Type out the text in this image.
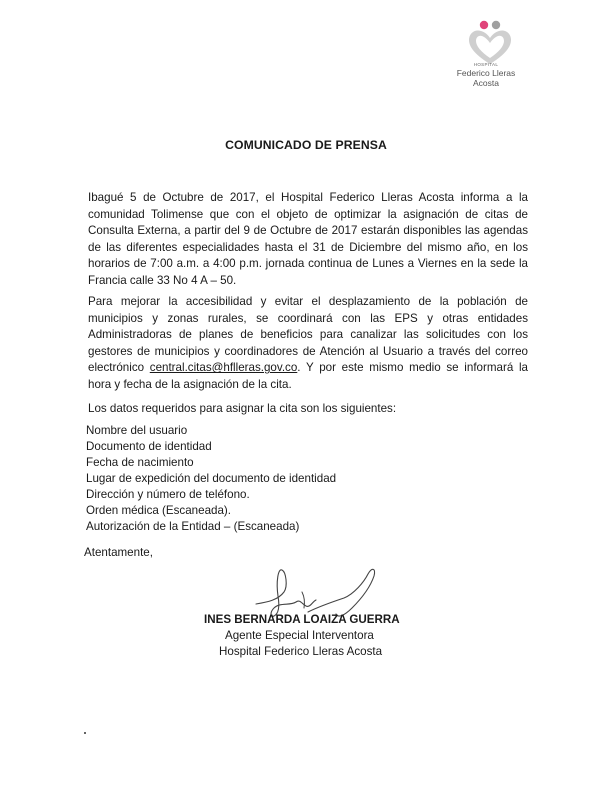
HOSPITAL
Federico Lleras Acosta
COMUNICADO DE PRENSA
Ibagué 5 de Octubre de 2017, el Hospital Federico Lleras Acosta informa a la comunidad Tolimense que con el objeto de optimizar la asignación de citas de Consulta Externa, a partir del 9 de Octubre de 2017 estarán disponibles las agendas de las diferentes especialidades hasta el 31 de Diciembre del mismo año, en los horarios de 7:00 a.m. a 4:00 p.m. jornada continua de Lunes a Viernes en la sede la Francia calle 33 No 4 A – 50.
Para mejorar la accesibilidad y evitar el desplazamiento de la población de municipios y zonas rurales, se coordinará con las EPS y otras entidades Administradoras de planes de beneficios para canalizar las solicitudes con los gestores de municipios y coordinadores de Atención al Usuario a través del correo electrónico central.citas@hflleras.gov.co. Y por este mismo medio se informará la hora y fecha de la asignación de la cita.
Los datos requeridos para asignar la cita son los siguientes:
Nombre del usuario
Documento de identidad
Fecha de nacimiento
Lugar de expedición del documento de identidad
Dirección y número de teléfono.
Orden médica (Escaneada).
Autorización de la Entidad – (Escaneada)
Atentamente,
INES BERNARDA LOAIZA GUERRA
Agente Especial Interventora
Hospital Federico Lleras Acosta
